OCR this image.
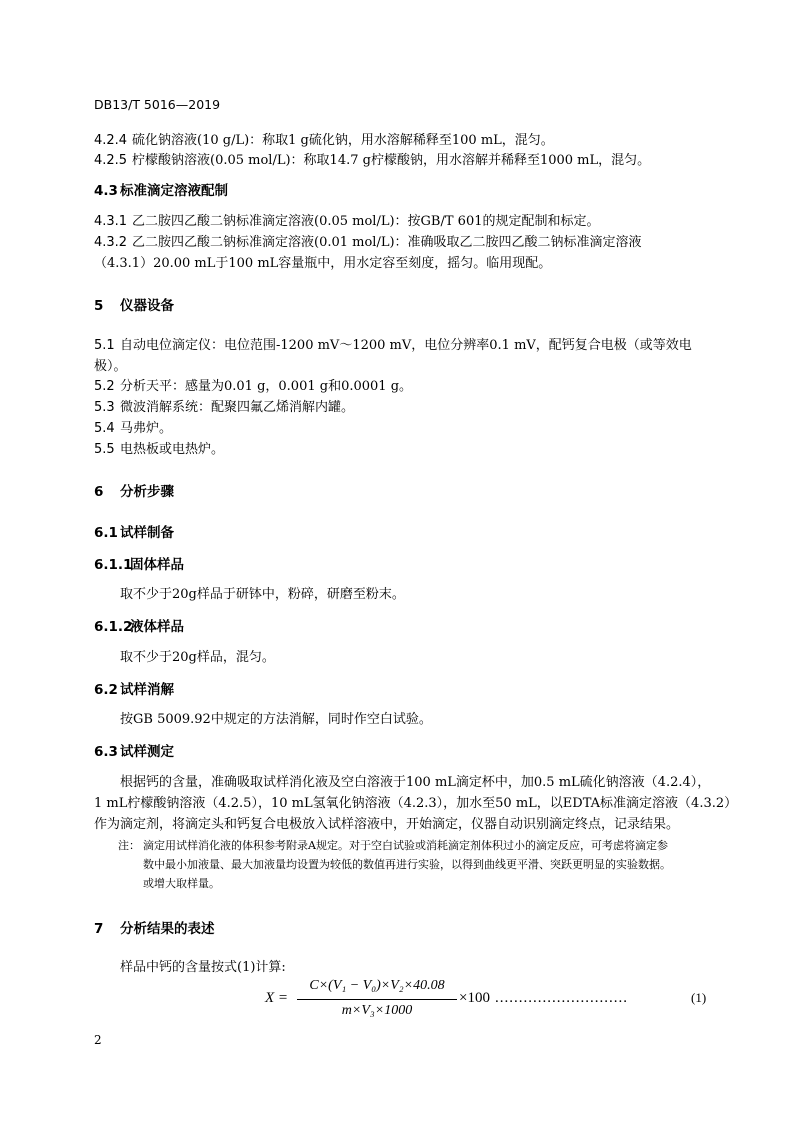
DB13/T 5016—2019
4.2.4 硫化钠溶液(10 g/L)：称取1 g硫化钠，用水溶解稀释至100 mL，混匀。
4.2.5 柠檬酸钠溶液(0.05 mol/L)：称取14.7 g柠檬酸钠，用水溶解并稀释至1000 mL，混匀。
4.3 标准滴定溶液配制
4.3.1 乙二胺四乙酸二钠标准滴定溶液(0.05 mol/L)：按GB/T 601的规定配制和标定。
4.3.2 乙二胺四乙酸二钠标准滴定溶液(0.01 mol/L)：准确吸取乙二胺四乙酸二钠标准滴定溶液
（4.3.1）20.00 mL于100 mL容量瓶中，用水定容至刻度，摇匀。临用现配。
5 仪器设备
5.1 自动电位滴定仪：电位范围-1200 mV～1200 mV，电位分辨率0.1 mV，配钙复合电极（或等效电
极）。
5.2 分析天平：感量为0.01 g，0.001 g和0.0001 g。
5.3 微波消解系统：配聚四氟乙烯消解内罐。
5.4 马弗炉。
5.5 电热板或电热炉。
6 分析步骤
6.1 试样制备
6.1.1固体样品
取不少于20g样品于研钵中，粉碎，研磨至粉末。
6.1.2液体样品
取不少于20g样品，混匀。
6.2 试样消解
按GB 5009.92中规定的方法消解，同时作空白试验。
6.3 试样测定
根据钙的含量，准确吸取试样消化液及空白溶液于100 mL滴定杯中，加0.5 mL硫化钠溶液（4.2.4），
1 mL柠檬酸钠溶液（4.2.5），10 mL氢氧化钠溶液（4.2.3），加水至50 mL，以EDTA标准滴定溶液（4.3.2）
作为滴定剂，将滴定头和钙复合电极放入试样溶液中，开始滴定，仪器自动识别滴定终点，记录结果。
注： 滴定用试样消化液的体积参考附录A规定。对于空白试验或消耗滴定剂体积过小的滴定反应，可考虑将滴定参
数中最小加液量、最大加液量均设置为较低的数值再进行实验，以得到曲线更平滑、突跃更明显的实验数据。
或增大取样量。
7 分析结果的表述
样品中钙的含量按式(1)计算:
X =
C×(V₁ − V₀)×V₂×40.08
m×V₃×1000
×100 ............................	(1)
2
